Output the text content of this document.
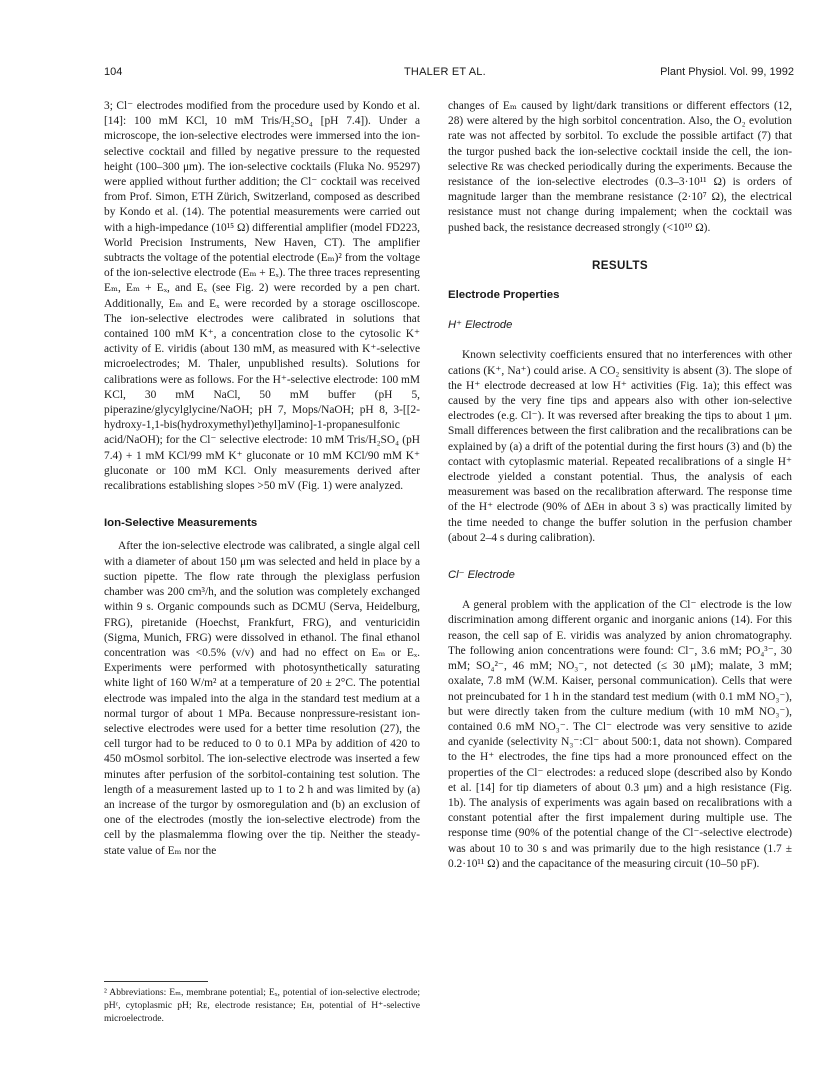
104	THALER ET AL.	Plant Physiol. Vol. 99, 1992

3; Cl⁻ electrodes modified from the procedure used by Kondo et al. [14]: 100 mM KCl, 10 mM Tris/H₂SO₄ [pH 7.4]). Under a microscope, the ion-selective electrodes were immersed into the ion-selective cocktail and filled by negative pressure to the requested height (100–300 μm). The ion-selective cocktails (Fluka No. 95297) were applied without further addition; the Cl⁻ cocktail was received from Prof. Simon, ETH Zürich, Switzerland, composed as described by Kondo et al. (14). The potential measurements were carried out with a high-impedance (10¹⁵ Ω) differential amplifier (model FD223, World Precision Instruments, New Haven, CT). The amplifier subtracts the voltage of the potential electrode (Eₘ)² from the voltage of the ion-selective electrode (Eₘ + Eₓ). The three traces representing Eₘ, Eₘ + Eₓ, and Eₓ (see Fig. 2) were recorded by a pen chart. Additionally, Eₘ and Eₓ were recorded by a storage oscilloscope. The ion-selective electrodes were calibrated in solutions that contained 100 mM K⁺, a concentration close to the cytosolic K⁺ activity of E. viridis (about 130 mM, as measured with K⁺-selective microelectrodes; M. Thaler, unpublished results). Solutions for calibrations were as follows. For the H⁺-selective electrode: 100 mM KCl, 30 mM NaCl, 50 mM buffer (pH 5, piperazine/glycylglycine/NaOH; pH 7, Mops/NaOH; pH 8, 3-[[2-hydroxy-1,1-bis(hydroxymethyl)ethyl]amino]-1-propanesulfonic acid/NaOH); for the Cl⁻ selective electrode: 10 mM Tris/H₂SO₄ (pH 7.4) + 1 mM KCl/99 mM K⁺ gluconate or 10 mM KCl/90 mM K⁺ gluconate or 100 mM KCl. Only measurements derived after recalibrations establishing slopes >50 mV (Fig. 1) were analyzed.

Ion-Selective Measurements

After the ion-selective electrode was calibrated, a single algal cell with a diameter of about 150 μm was selected and held in place by a suction pipette. The flow rate through the plexiglass perfusion chamber was 200 cm³/h, and the solution was completely exchanged within 9 s. Organic compounds such as DCMU (Serva, Heidelburg, FRG), piretanide (Hoechst, Frankfurt, FRG), and venturicidin (Sigma, Munich, FRG) were dissolved in ethanol. The final ethanol concentration was <0.5% (v/v) and had no effect on Eₘ or Eₓ. Experiments were performed with photosynthetically saturating white light of 160 W/m² at a temperature of 20 ± 2°C. The potential electrode was impaled into the alga in the standard test medium at a normal turgor of about 1 MPa. Because nonpressure-resistant ion-selective electrodes were used for a better time resolution (27), the cell turgor had to be reduced to 0 to 0.1 MPa by addition of 420 to 450 mOsmol sorbitol. The ion-selective electrode was inserted a few minutes after perfusion of the sorbitol-containing test solution. The length of a measurement lasted up to 1 to 2 h and was limited by (a) an increase of the turgor by osmoregulation and (b) an exclusion of one of the electrodes (mostly the ion-selective electrode) from the cell by the plasmalemma flowing over the tip. Neither the steady-state value of Eₘ nor the

² Abbreviations: Eₘ, membrane potential; Eₓ, potential of ion-selective electrode; pHᶜ, cytoplasmic pH; Rᴇ, electrode resistance; Eʜ, potential of H⁺-selective microelectrode.

changes of Eₘ caused by light/dark transitions or different effectors (12, 28) were altered by the high sorbitol concentration. Also, the O₂ evolution rate was not affected by sorbitol. To exclude the possible artifact (7) that the turgor pushed back the ion-selective cocktail inside the cell, the ion-selective Rᴇ was checked periodically during the experiments. Because the resistance of the ion-selective electrodes (0.3–3·10¹¹ Ω) is orders of magnitude larger than the membrane resistance (2·10⁷ Ω), the electrical resistance must not change during impalement; when the cocktail was pushed back, the resistance decreased strongly (<10¹⁰ Ω).

RESULTS
Electrode Properties
H⁺ Electrode

Known selectivity coefficients ensured that no interferences with other cations (K⁺, Na⁺) could arise. A CO₂ sensitivity is absent (3). The slope of the H⁺ electrode decreased at low H⁺ activities (Fig. 1a); this effect was caused by the very fine tips and appears also with other ion-selective electrodes (e.g. Cl⁻). It was reversed after breaking the tips to about 1 μm. Small differences between the first calibration and the recalibrations can be explained by (a) a drift of the potential during the first hours (3) and (b) the contact with cytoplasmic material. Repeated recalibrations of a single H⁺ electrode yielded a constant potential. Thus, the analysis of each measurement was based on the recalibration afterward. The response time of the H⁺ electrode (90% of ΔEʜ in about 3 s) was practically limited by the time needed to change the buffer solution in the perfusion chamber (about 2–4 s during calibration).

Cl⁻ Electrode

A general problem with the application of the Cl⁻ electrode is the low discrimination among different organic and inorganic anions (14). For this reason, the cell sap of E. viridis was analyzed by anion chromatography. The following anion concentrations were found: Cl⁻, 3.6 mM; PO₄³⁻, 30 mM; SO₄²⁻, 46 mM; NO₃⁻, not detected (≤ 30 μM); malate, 3 mM; oxalate, 7.8 mM (W.M. Kaiser, personal communication). Cells that were not preincubated for 1 h in the standard test medium (with 0.1 mM NO₃⁻), but were directly taken from the culture medium (with 10 mM NO₃⁻), contained 0.6 mM NO₃⁻. The Cl⁻ electrode was very sensitive to azide and cyanide (selectivity N₃⁻:Cl⁻ about 500:1, data not shown). Compared to the H⁺ electrodes, the fine tips had a more pronounced effect on the properties of the Cl⁻ electrodes: a reduced slope (described also by Kondo et al. [14] for tip diameters of about 0.3 μm) and a high resistance (Fig. 1b). The analysis of experiments was again based on recalibrations with a constant potential after the first impalement during multiple use. The response time (90% of the potential change of the Cl⁻-selective electrode) was about 10 to 30 s and was primarily due to the high resistance (1.7 ± 0.2·10¹¹ Ω) and the capacitance of the measuring circuit (10–50 pF).
